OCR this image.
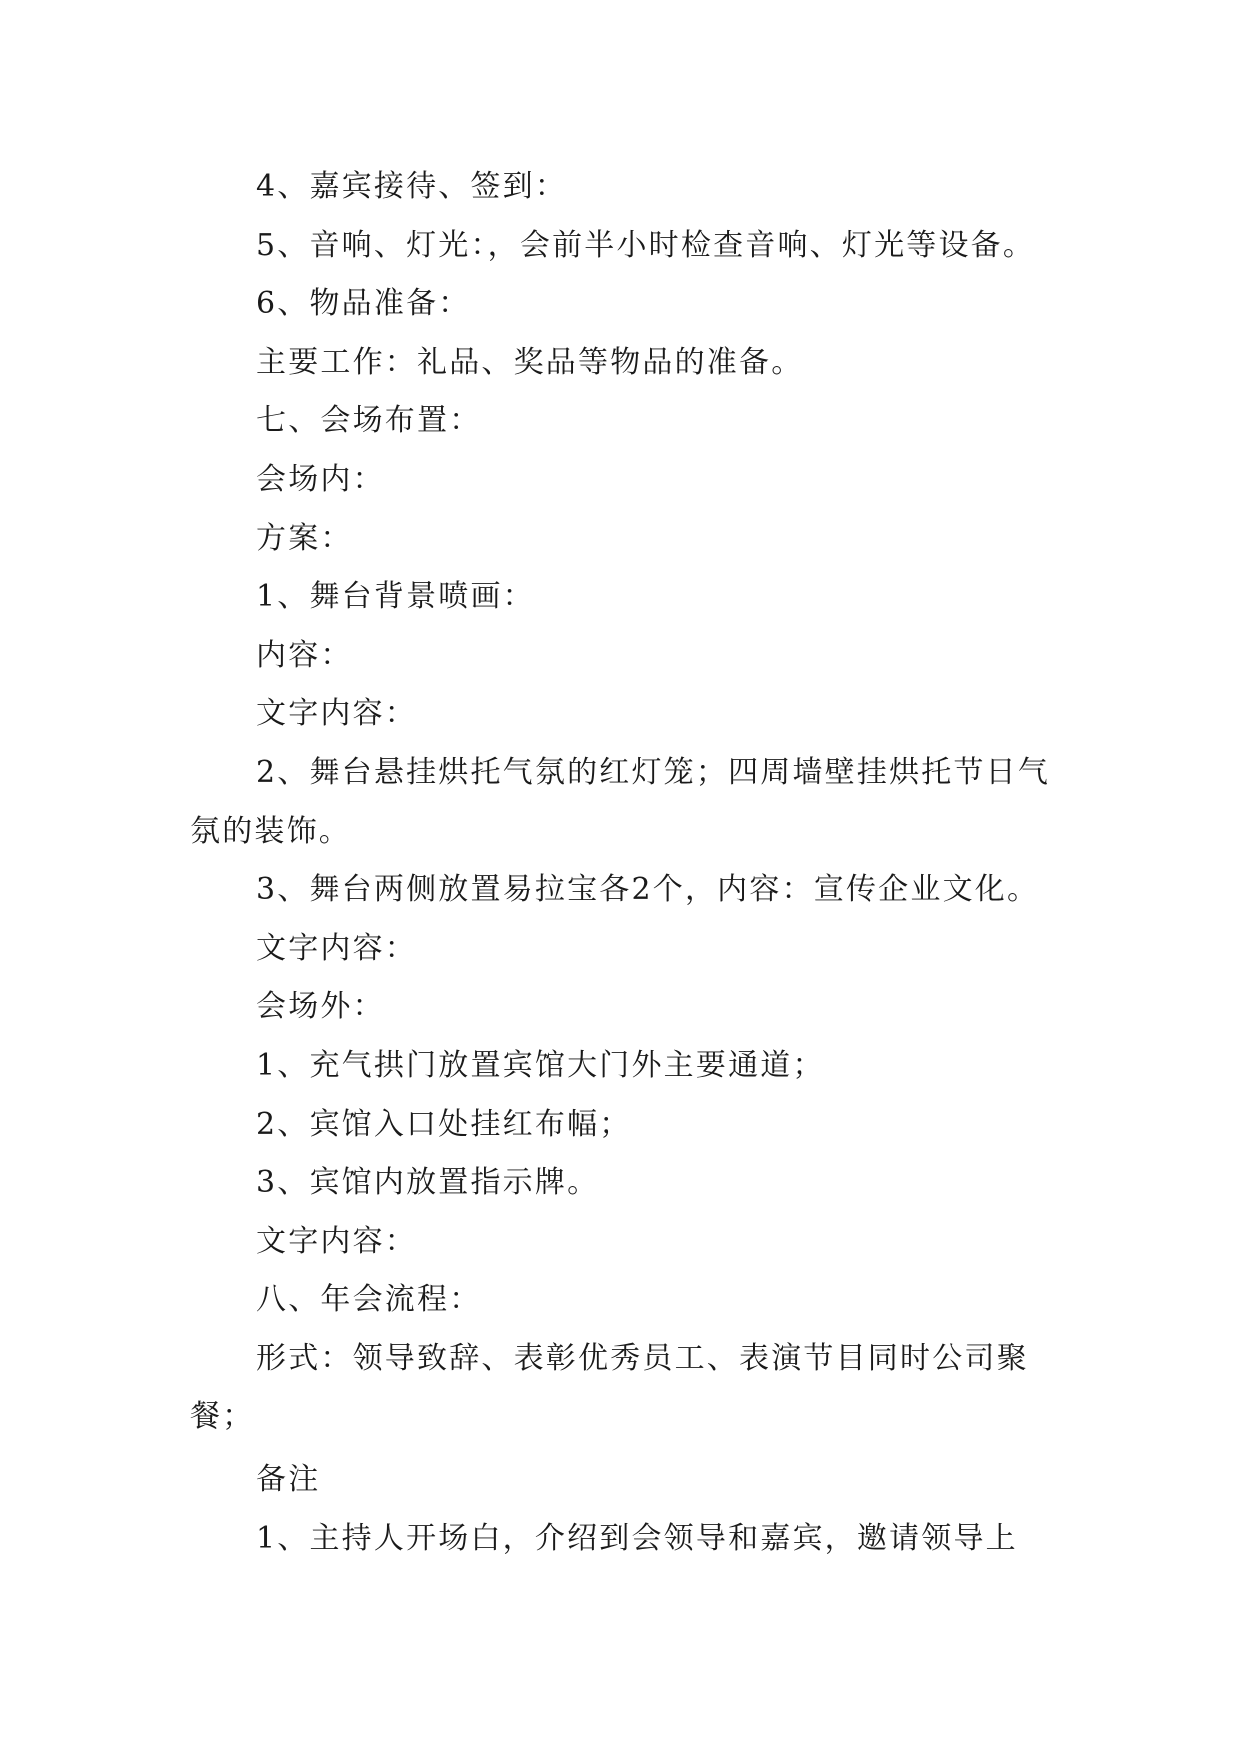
4、嘉宾接待、签到：

5、音响、灯光：，会前半小时检查音响、灯光等设备。

6、物品准备：

主要工作：礼品、奖品等物品的准备。

七、会场布置：

会场内：

方案：

1、舞台背景喷画：

内容：

文字内容：

2、舞台悬挂烘托气氛的红灯笼；四周墙壁挂烘托节日气氛的装饰。

3、舞台两侧放置易拉宝各2个，内容：宣传企业文化。

文字内容：

会场外：

1、充气拱门放置宾馆大门外主要通道；

2、宾馆入口处挂红布幅；

3、宾馆内放置指示牌。

文字内容：

八、年会流程：

形式：领导致辞、表彰优秀员工、表演节目同时公司聚餐；

备注

1、主持人开场白，介绍到会领导和嘉宾，邀请领导上
